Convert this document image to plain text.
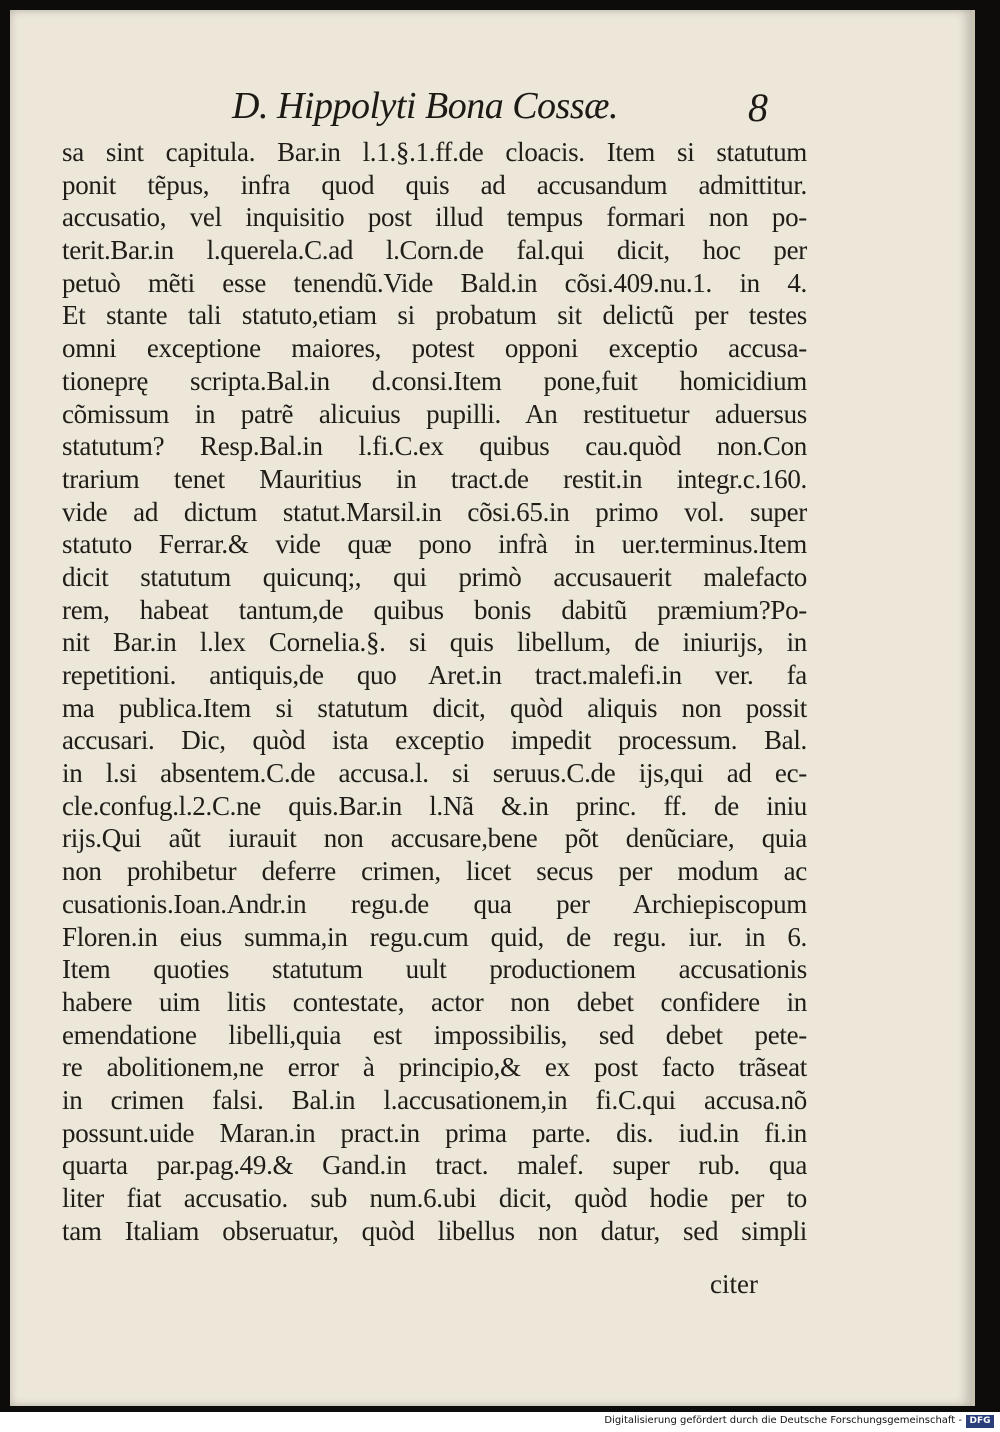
D. Hippolyti Bona Cossæ.	8
sa sint capitula. Bar.in l.1.§.1.ff.de cloacis. Item si statutum
ponit tẽpus, infra quod quis ad accusandum admittitur.
accusatio, vel inquisitio post illud tempus formari non po-
terit.Bar.in l.querela.C.ad l.Corn.de fal.qui dicit, hoc per
petuò mẽti esse tenendũ.Vide Bald.in cõsi.409.nu.1. in 4.
Et stante tali statuto,etiam si probatum sit delictũ per testes
omni exceptione maiores, potest opponi exceptio accusa-
tioneprę scripta.Bal.in d.consi.Item pone,fuit homicidium
cõmissum in patrẽ alicuius pupilli. An restituetur aduersus
statutum? Resp.Bal.in l.fi.C.ex quibus cau.quòd non.Con
trarium tenet Mauritius in tract.de restit.in integr.c.160.
vide ad dictum statut.Marsil.in cõsi.65.in primo vol. super
statuto Ferrar.& vide quæ pono infrà in uer.terminus.Item
dicit statutum quicunq;, qui primò accusauerit malefacto
rem, habeat tantum,de quibus bonis dabitũ præmium?Po-
nit Bar.in l.lex Cornelia.§. si quis libellum, de iniurijs, in
repetitioni. antiquis,de quo Aret.in tract.malefi.in ver. fa
ma publica.Item si statutum dicit, quòd aliquis non possit
accusari. Dic, quòd ista exceptio impedit processum. Bal.
in l.si absentem.C.de accusa.l. si seruus.C.de ijs,qui ad ec-
cle.confug.l.2.C.ne quis.Bar.in l.Nã &.in princ. ff. de iniu
rijs.Qui aũt iurauit non accusare,bene põt denũciare, quia
non prohibetur deferre crimen, licet secus per modum ac
cusationis.Ioan.Andr.in regu.de qua per Archiepiscopum
Floren.in eius summa,in regu.cum quid, de regu. iur. in 6.
Item quoties statutum uult productionem accusationis
habere uim litis contestate, actor non debet confidere in
emendatione libelli,quia est impossibilis, sed debet pete-
re abolitionem,ne error à principio,& ex post facto trãseat
in crimen falsi. Bal.in l.accusationem,in fi.C.qui accusa.nõ
possunt.uide Maran.in pract.in prima parte. dis. iud.in fi.in
quarta par.pag.49.& Gand.in tract. malef. super rub. qua
liter fiat accusatio. sub num.6.ubi dicit, quòd hodie per to
tam Italiam obseruatur, quòd libellus non datur, sed simpli
citer
Digitalisierung gefördert durch die Deutsche Forschungsgemeinschaft - DFG
